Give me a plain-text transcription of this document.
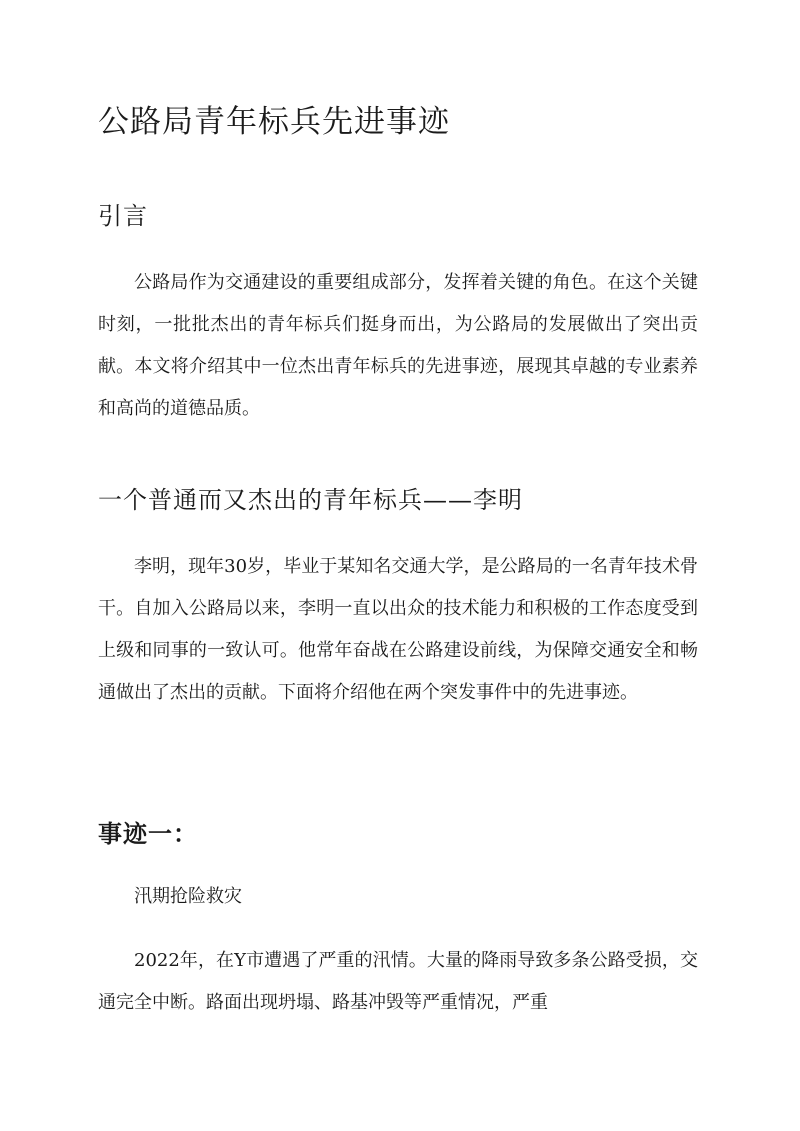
公路局青年标兵先进事迹
引言

公路局作为交通建设的重要组成部分，发挥着关键的角色。在这个关键时刻，一批批杰出的青年标兵们挺身而出，为公路局的发展做出了突出贡献。本文将介绍其中一位杰出青年标兵的先进事迹，展现其卓越的专业素养和高尚的道德品质。

一个普通而又杰出的青年标兵——李明

李明，现年30岁，毕业于某知名交通大学，是公路局的一名青年技术骨干。自加入公路局以来，李明一直以出众的技术能力和积极的工作态度受到上级和同事的一致认可。他常年奋战在公路建设前线，为保障交通安全和畅通做出了杰出的贡献。下面将介绍他在两个突发事件中的先进事迹。

事迹一：

汛期抢险救灾

2022年，在Y市遭遇了严重的汛情。大量的降雨导致多条公路受损，交通完全中断。路面出现坍塌、路基冲毁等严重情况，严重
